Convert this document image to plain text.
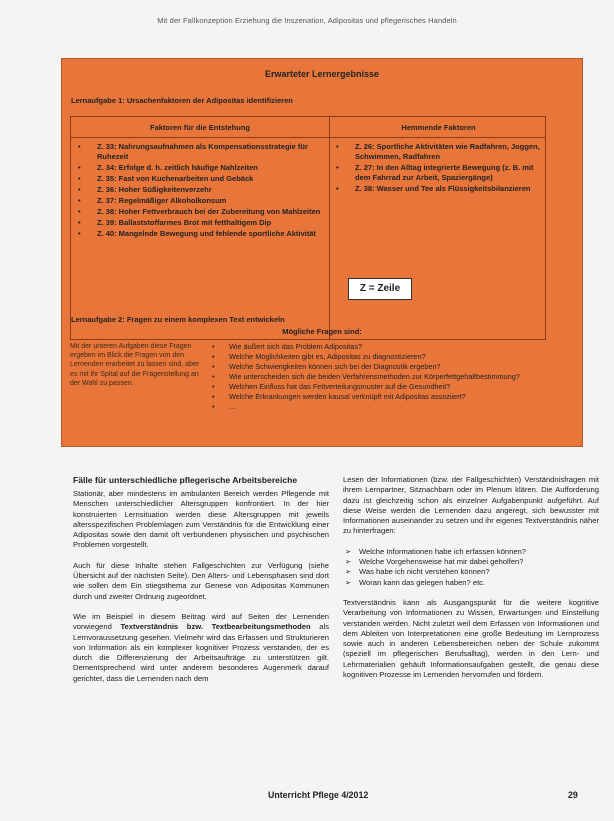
Mit der Fallkonzeption Erziehung die Inszenation, Adipositas und pflegerisches Handeln
Erwarteter Lernergebnisse
Lernaufgabe 1: Ursachenfaktoren der Adipositas identifizieren
Faktoren für die Entstehung	Hemmende Faktoren
• Z. 33: Nahrungsaufnahmen als Kompensationsstrategie für Ruhezeit
• Z. 34: Erfolge d. h. zeitlich häufige Nahlzeiten
• Z. 35: Fast von Kuchenarbeiten und Gebäck
• Z. 36: Hoher Süßigkeitenverzehr
• Z. 37: Regelmäßiger Alkoholkonsum
• Z. 38: Hoher Fettverbrauch bei der Zubereitung von Mahlzeiten
• Z. 39: Ballaststoffarmes Brot mit fetthaltigem Dip
• Z. 40: Mangelnde Bewegung und fehlende sportliche Aktivität
• Z. 26: Sportliche Aktivitäten wie Radfahren, Joggen, Schwimmen, Radfahren
• Z. 27: In den Alltag integrierte Bewegung (z. B. mit dem Fahrrad zur Arbeit, Spaziergänge)
• Z. 38: Wasser und Tee als Flüssigkeitsbilanzieren
Z = Zeile
Lernaufgabe 2: Fragen zu einem komplexen Text entwickeln
Mögliche Fragen sind:
Mit der unteren Aufgaben diese Fragen ergeben im Blick die Fragen von den Lernenden erarbeitet zu lassen sind, aber es mit ihr Spital auf die Fragenstellung an der Wahl zu passen.
• Wie äußert sich das Problem Adipositas?
• Welche Möglichkeiten gibt es, Adipositas zu diagnostizieren?
• Welche Schwierigkeiten können sich bei der Diagnostik ergeben?
• Wie unterscheiden sich die beiden Verfahrensmethoden zur Körperfettgehaltbestimmung?
• Welchen Einfluss hat das Fettverteilungsmuster auf die Gesundheit?
• Welche Erkrankungen werden kausal verknüpft mit Adipositas assoziiert?
• …
Fälle für unterschiedliche pflegerische Arbeitsbereiche

Stationär, aber mindestens im ambulanten Bereich werden Pflegende mit Menschen unterschiedlicher Altersgruppen konfrontiert. In der hier konstruierten Lernsituation werden diese Altersgruppen mit jeweils altersspezifischen Problemlagen zum Verständnis für die Entwicklung einer Adipositas sowie den damit oft verbundenen physischen und psychischen Problemen vorgestellt.

Auch für diese Inhalte stehen Fallgeschichten zur Verfügung (siehe Übersicht auf der nächsten Seite). Den Alters- und Lebensphasen sind dort wie sollen dem Ein stiegsthema zur Genese von Adipositas Kommunen durch und zweiter Ordnung zugeordnet.

Wie im Beispiel in diesem Beitrag wird auf Seiten der Lernenden vorwiegend Textverständnis bzw. Textbearbeitungsmethoden als Lernvoraussetzung gesehen. Vielmehr wird das Erfassen und Strukturieren von Information als ein komplexer kognitiver Prozess verstanden, der es durch die Differenzierung der Arbeitsaufträge zu unterstützen gilt. Dementsprechend wird unter anderem besonderes Augenmerk darauf gerichtet, dass die Lernenden nach dem

Lesen der Informationen (bzw. der Fallgeschichten) Verständnisfragen mit ihrem Lernpartner, Sitznachbarn oder im Plenum klären. Die Aufforderung dazu ist gleichzeitig schon als einzelner Aufgabenpunkt aufgeführt. Auf diese Weise werden die Lernenden dazu angeregt, sich bewusster mit Informationen auseinander zu setzen und ihr eigenes Textverständnis näher zu hinterfragen:

➢ Welche Informationen habe ich erfassen können?
➢ Welche Vorgehensweise hat mir dabei geholfen?
➢ Was habe ich nicht verstehen können?
➢ Woran kann das gelegen haben? etc.

Textverständnis kann als Ausgangspunkt für die weitere kognitive Verarbeitung von Informationen zu Wissen, Erwartungen und Einstellung verstanden werden. Nicht zuletzt weil dem Erfassen von Informationen und dem Ableiten von Interpretationen eine große Bedeutung im Lernprozess sowie auch in anderen Lebensbereichen neben der Schule zukommt (speziell im pflegerischen Berufsalltag), werden in den Lern- und Lehrmaterialien gehäuft Informationsaufgaben gestellt, die genau diese kognitiven Prozesse im Lernenden hervorrufen und fördern.

Unterricht Pflege 4/2012	29
